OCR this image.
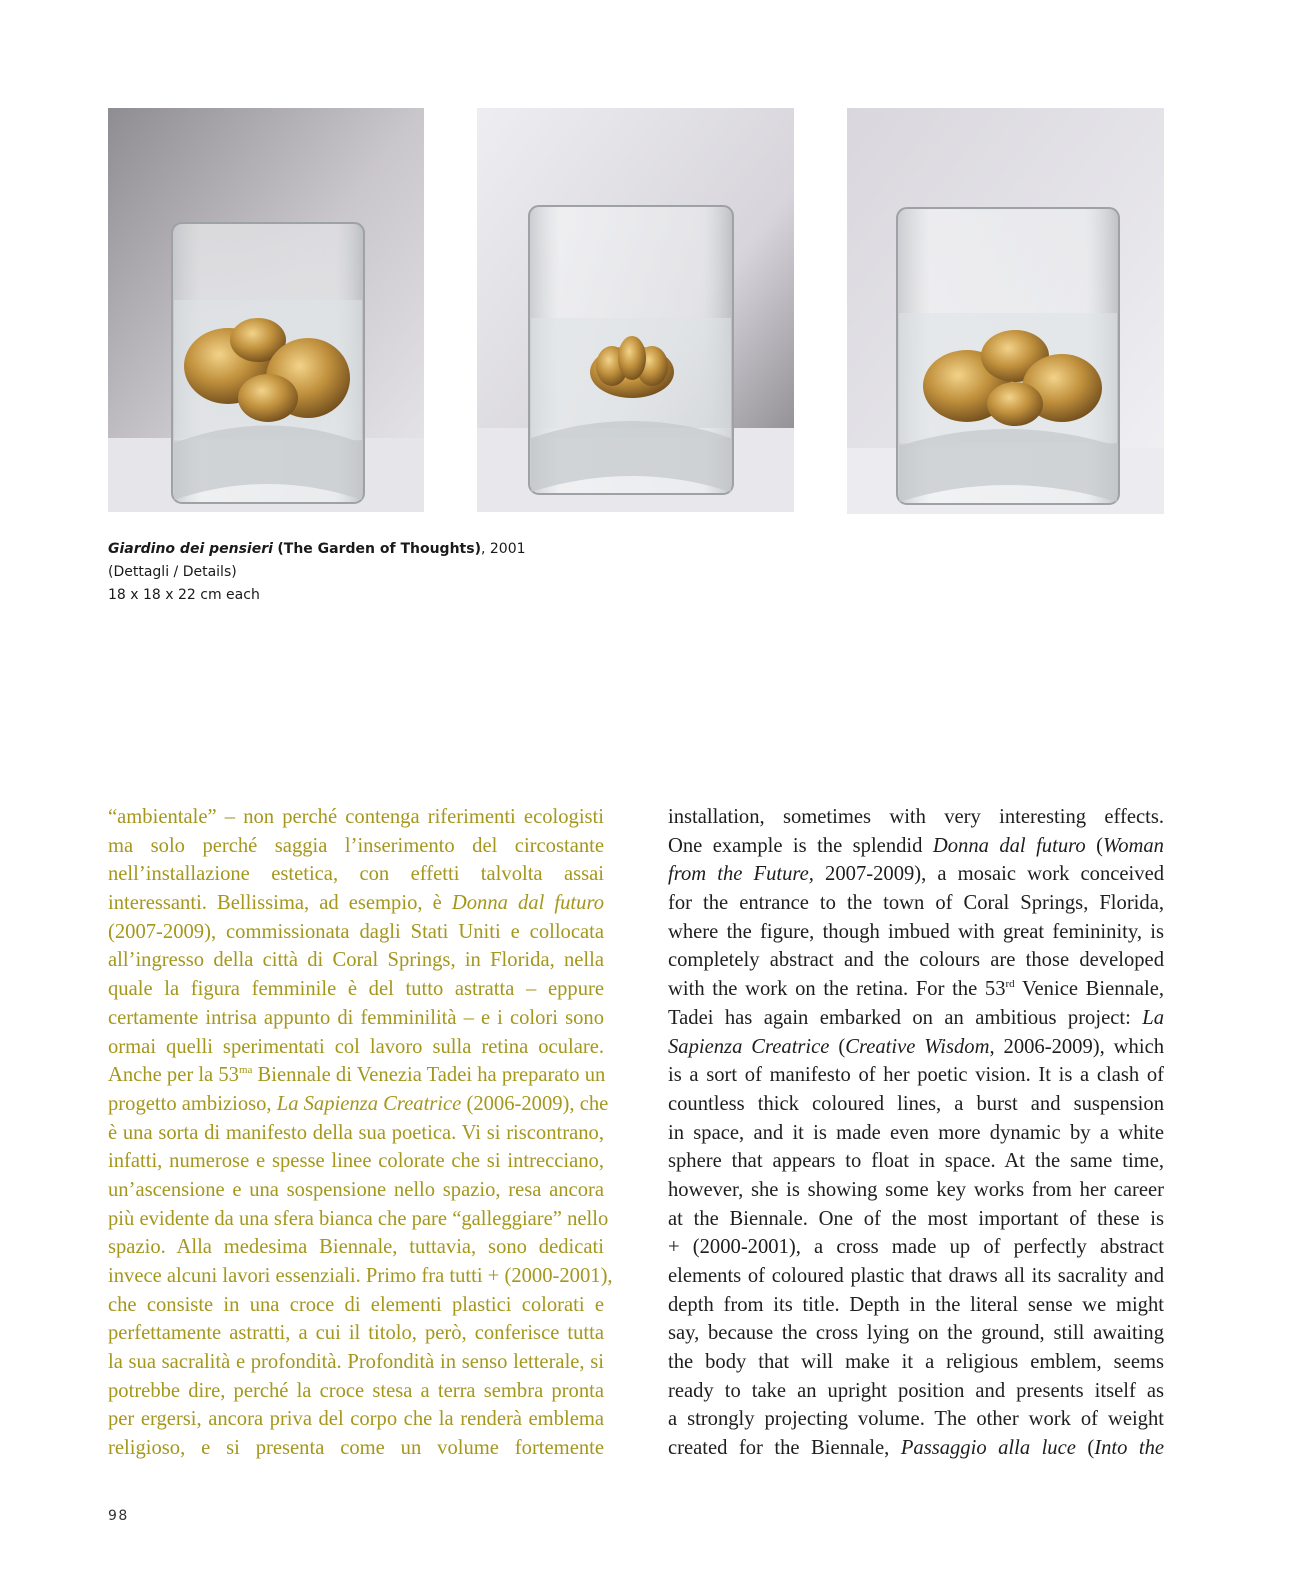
Giardino dei pensieri (The Garden of Thoughts), 2001
(Dettagli / Details)
18 x 18 x 22 cm each
“ambientale” – non perché contenga riferimenti ecologisti
ma solo perché saggia l’inserimento del circostante
nell’installazione estetica, con effetti talvolta assai
interessanti. Bellissima, ad esempio, è Donna dal futuro
(2007-2009), commissionata dagli Stati Uniti e collocata
all’ingresso della città di Coral Springs, in Florida, nella
quale la figura femminile è del tutto astratta – eppure
certamente intrisa appunto di femminilità – e i colori sono
ormai quelli sperimentati col lavoro sulla retina oculare.
Anche per la $53^{ma}$ Biennale di Venezia Tadei ha preparato un
progetto ambizioso, La Sapienza Creatrice (2006-2009), che
è una sorta di manifesto della sua poetica. Vi si riscontrano,
infatti, numerose e spesse linee colorate che si intrecciano,
un’ascensione e una sospensione nello spazio, resa ancora
più evidente da una sfera bianca che pare “galleggiare” nello
spazio. Alla medesima Biennale, tuttavia, sono dedicati
invece alcuni lavori essenziali. Primo fra tutti + (2000-2001),
che consiste in una croce di elementi plastici colorati e
perfettamente astratti, a cui il titolo, però, conferisce tutta
la sua sacralità e profondità. Profondità in senso letterale, si
potrebbe dire, perché la croce stesa a terra sembra pronta
per ergersi, ancora priva del corpo che la renderà emblema
religioso, e si presenta come un volume fortemente
installation, sometimes with very interesting effects.
One example is the splendid Donna dal futuro (Woman
from the Future, 2007-2009), a mosaic work conceived
for the entrance to the town of Coral Springs, Florida,
where the figure, though imbued with great femininity, is
completely abstract and the colours are those developed
with the work on the retina. For the 53rd Venice Biennale,
Tadei has again embarked on an ambitious project: La
Sapienza Creatrice (Creative Wisdom, 2006-2009), which
is a sort of manifesto of her poetic vision. It is a clash of
countless thick coloured lines, a burst and suspension
in space, and it is made even more dynamic by a white
sphere that appears to float in space. At the same time,
however, she is showing some key works from her career
at the Biennale. One of the most important of these is
+ (2000-2001), a cross made up of perfectly abstract
elements of coloured plastic that draws all its sacrality and
depth from its title. Depth in the literal sense we might
say, because the cross lying on the ground, still awaiting
the body that will make it a religious emblem, seems
ready to take an upright position and presents itself as
a strongly projecting volume. The other work of weight
created for the Biennale, Passaggio alla luce (Into the
98
